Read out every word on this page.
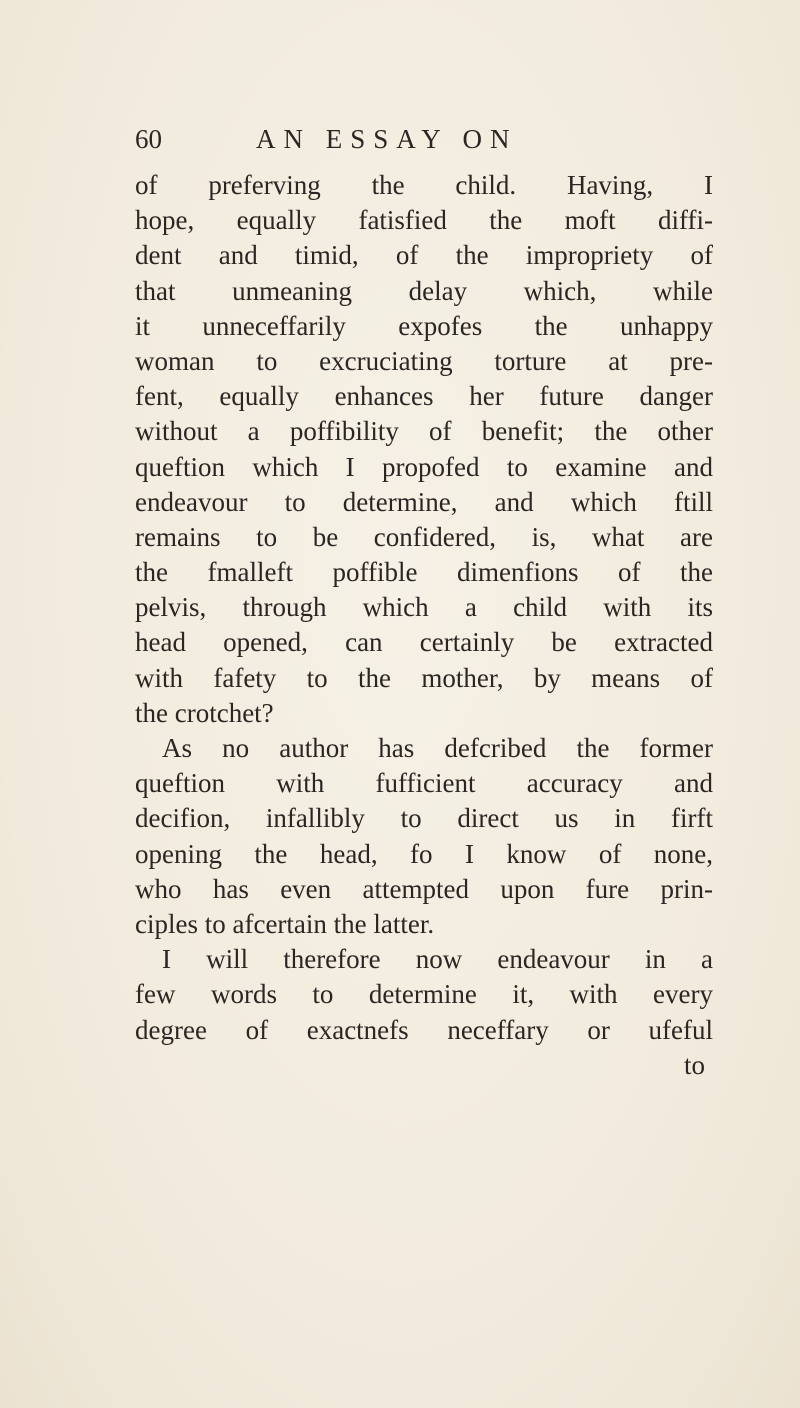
60	AN ESSAY ON
of preferving the child. Having, I
hope, equally fatisfied the moft diffi-
dent and timid, of the impropriety of
that unmeaning delay which, while
it unneceffarily expofes the unhappy
woman to excruciating torture at pre-
fent, equally enhances her future danger
without a poffibility of benefit; the other
queftion which I propofed to examine and
endeavour to determine, and which ftill
remains to be confidered, is, what are
the fmalleft poffible dimenfions of the
pelvis, through which a child with its
head opened, can certainly be extracted
with fafety to the mother, by means of
the crotchet?
As no author has defcribed the former
queftion with fufficient accuracy and
decifion, infallibly to direct us in firft
opening the head, fo I know of none,
who has even attempted upon fure prin-
ciples to afcertain the latter.
I will therefore now endeavour in a
few words to determine it, with every
degree of exactnefs neceffary or ufeful
to
